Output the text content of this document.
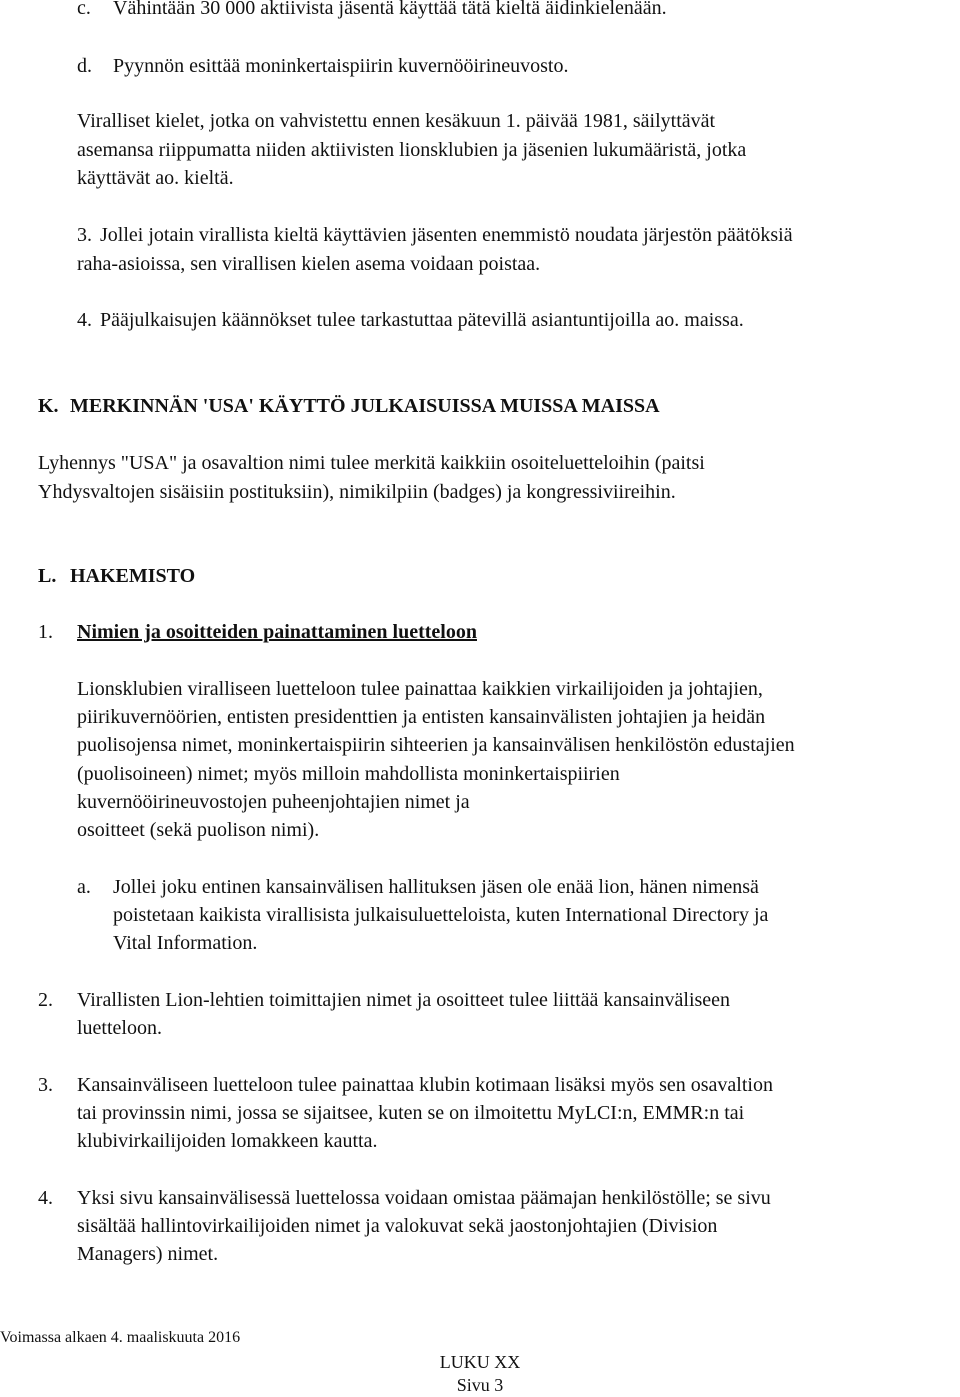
c. Vähintään 30 000 aktiivista jäsentä käyttää tätä kieltä äidinkielenään.
d. Pyynnön esittää moninkertaispiirin kuvernööirineuvosto.
Viralliset kielet, jotka on vahvistettu ennen kesäkuun 1. päivää 1981, säilyttävät
asemansa riippumatta niiden aktiivisten lionsklubien ja jäsenien lukumääristä, jotka
käyttävät ao. kieltä.
3. Jollei jotain virallista kieltä käyttävien jäsenten enemmistö noudata järjestön päätöksiä
raha-asioissa, sen virallisen kielen asema voidaan poistaa.
4. Pääjulkaisujen käännökset tulee tarkastuttaa pätevillä asiantuntijoilla ao. maissa.
K. MERKINNÄN 'USA' KÄYTTÖ JULKAISUISSA MUISSA MAISSA
Lyhennys "USA" ja osavaltion nimi tulee merkitä kaikkiin osoiteluetteloihin (paitsi
Yhdysvaltojen sisäisiin postituksiin), nimikilpiin (badges) ja kongressiviireihin.
L. HAKEMISTO
1. Nimien ja osoitteiden painattaminen luetteloon
Lionsklubien viralliseen luetteloon tulee painattaa kaikkien virkailijoiden ja johtajien,
piirikuvernöörien, entisten presidenttien ja entisten kansainvälisten johtajien ja heidän
puolisojensa nimet, moninkertaispiirin sihteerien ja kansainvälisen henkilöstön edustajien
(puolisoineen) nimet; myös milloin mahdollista moninkertaispiirien
kuvernööirineuvostojen puheenjohtajien nimet ja
osoitteet (sekä puolison nimi).
a. Jollei joku entinen kansainvälisen hallituksen jäsen ole enää lion, hänen nimensä
poistetaan kaikista virallisista julkaisuluetteloista, kuten International Directory ja
Vital Information.
2. Virallisten Lion-lehtien toimittajien nimet ja osoitteet tulee liittää kansainväliseen
luetteloon.
3. Kansainväliseen luetteloon tulee painattaa klubin kotimaan lisäksi myös sen osavaltion
tai provinssin nimi, jossa se sijaitsee, kuten se on ilmoitettu MyLCI:n, EMMR:n tai
klubivirkailijoiden lomakkeen kautta.
4. Yksi sivu kansainvälisessä luettelossa voidaan omistaa päämajan henkilöstölle; se sivu
sisältää hallintovirkailijoiden nimet ja valokuvat sekä jaostonjohtajien (Division
Managers) nimet.
Voimassa alkaen 4. maaliskuuta 2016
LUKU XX
Sivu 3
